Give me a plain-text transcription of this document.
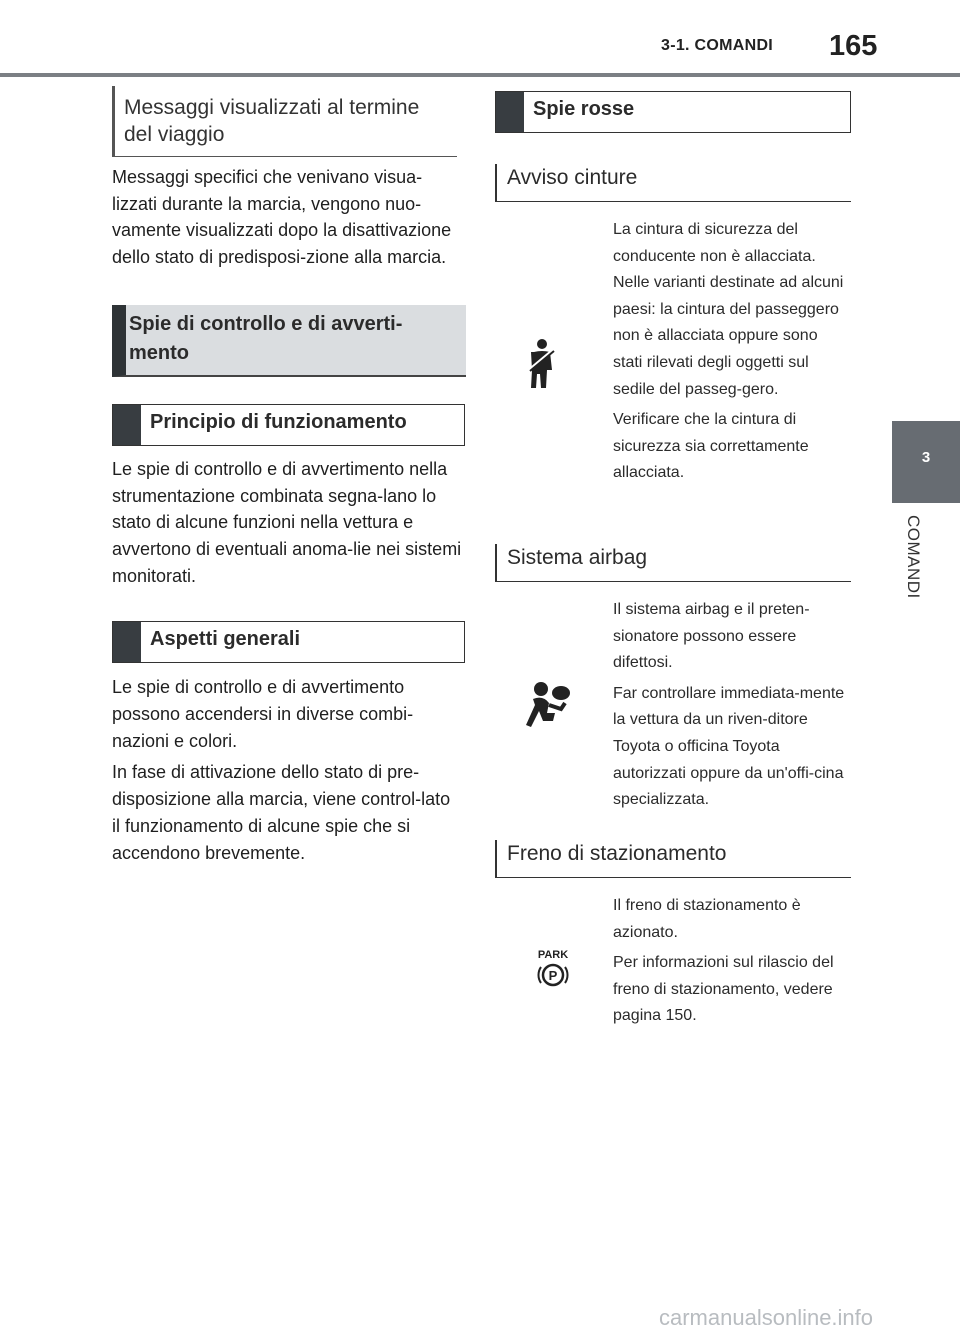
3-1. COMANDI 165
3
COMANDI
Messaggi visualizzati al termine del viaggio
Messaggi specifici che venivano visua-lizzati durante la marcia, vengono nuo-vamente visualizzati dopo la disattivazione dello stato di predisposi-zione alla marcia.
Spie di controllo e di avverti-mento
Principio di funzionamento
Le spie di controllo e di avvertimento nella strumentazione combinata segna-lano lo stato di alcune funzioni nella vettura e avvertono di eventuali anoma-lie nei sistemi monitorati.
Aspetti generali
Le spie di controllo e di avvertimento possono accendersi in diverse combi-nazioni e colori.
In fase di attivazione dello stato di pre-disposizione alla marcia, viene control-lato il funzionamento di alcune spie che si accendono brevemente.
Spie rosse
Avviso cinture

La cintura di sicurezza del conducente non è allacciata. Nelle varianti destinate ad alcuni paesi: la cintura del passeggero non è allacciata oppure sono stati rilevati degli oggetti sul sedile del passeg-gero.

Verificare che la cintura di sicurezza sia correttamente allacciata.

Sistema airbag

Il sistema airbag e il preten-sionatore possono essere difettosi.

Far controllare immediata-mente la vettura da un riven-ditore Toyota o officina Toyota autorizzati oppure da un'offi-cina specializzata.

Freno di stazionamento
PARK
P

Il freno di stazionamento è azionato.

Per informazioni sul rilascio del freno di stazionamento, vedere pagina 150.

carmanualsonline.info
